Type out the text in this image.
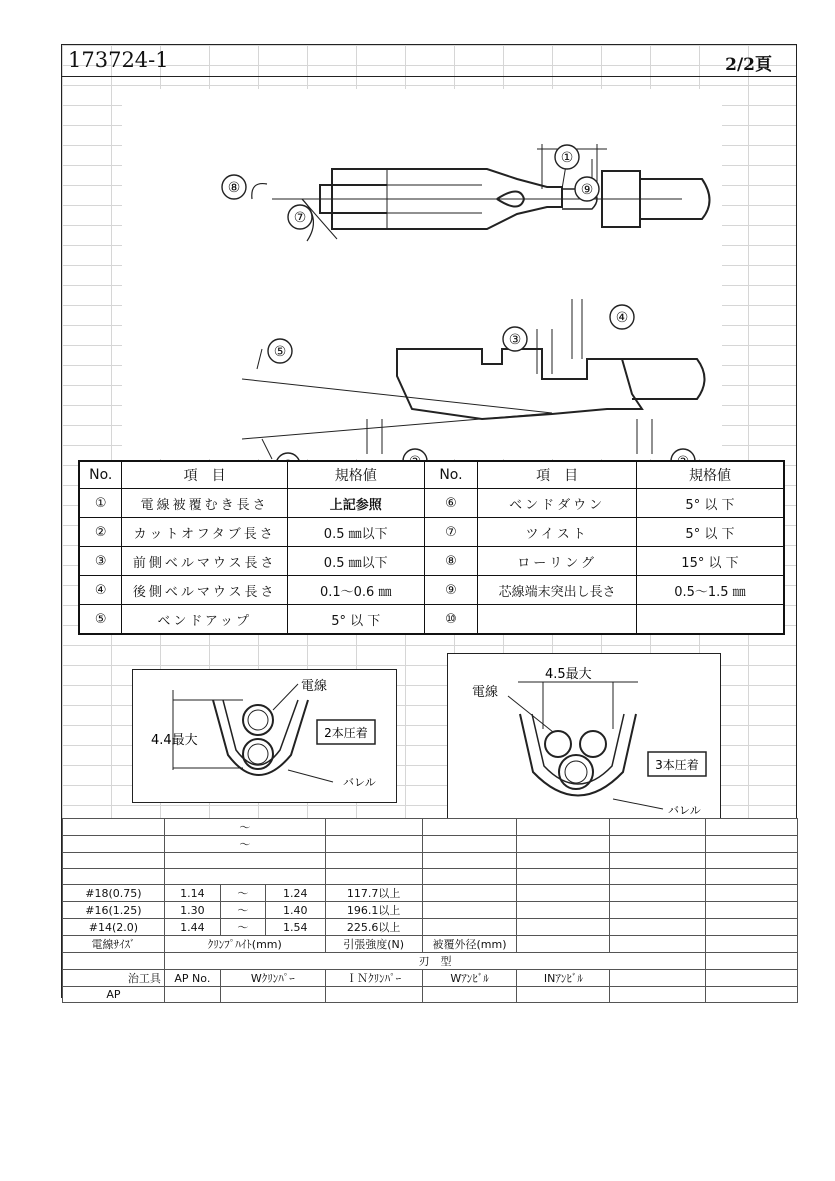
173724-1	2/2頁
①
⑨
⑧
⑦
④
③
⑤
No.	項　目	規格値	No.	項　目	規格値
①	電線被覆むき長さ	上記参照	⑥	ベンドダウン	5° 以 下
②	カットオフタブ長さ	0.5 ㎜以下	⑦	ツイスト	5° 以 下
③	前側ベルマウス長さ	0.5 ㎜以下	⑧	ローリング	15° 以 下
④	後側ベルマウス長さ	0.1〜0.6 ㎜	⑨	芯線端末突出し長さ	0.5〜1.5 ㎜
⑤	ベンドアップ	5° 以 下	⑩		
4.4最大
電線
2本圧着
バレル
4.5最大
電線
3本圧着
バレル
	〜							
	〜							

#18(0.75)	1.14	〜	1.24	117.7以上				
#16(1.25)	1.30	〜	1.40	196.1以上				
#14(2.0)	1.44	〜	1.54	225.6以上				
電線ｻｲｽﾞ	ｸﾘﾝﾌﾟﾊｲﾄ(mm)			引張強度(N)	被覆外径(mm)			
	刃　型							
治工具	AP No.	Wｸﾘﾝﾊﾟｰ		ＩＮｸﾘﾝﾊﾟｰ	Wｱﾝﾋﾞﾙ	INｱﾝﾋﾞﾙ		
AP								
